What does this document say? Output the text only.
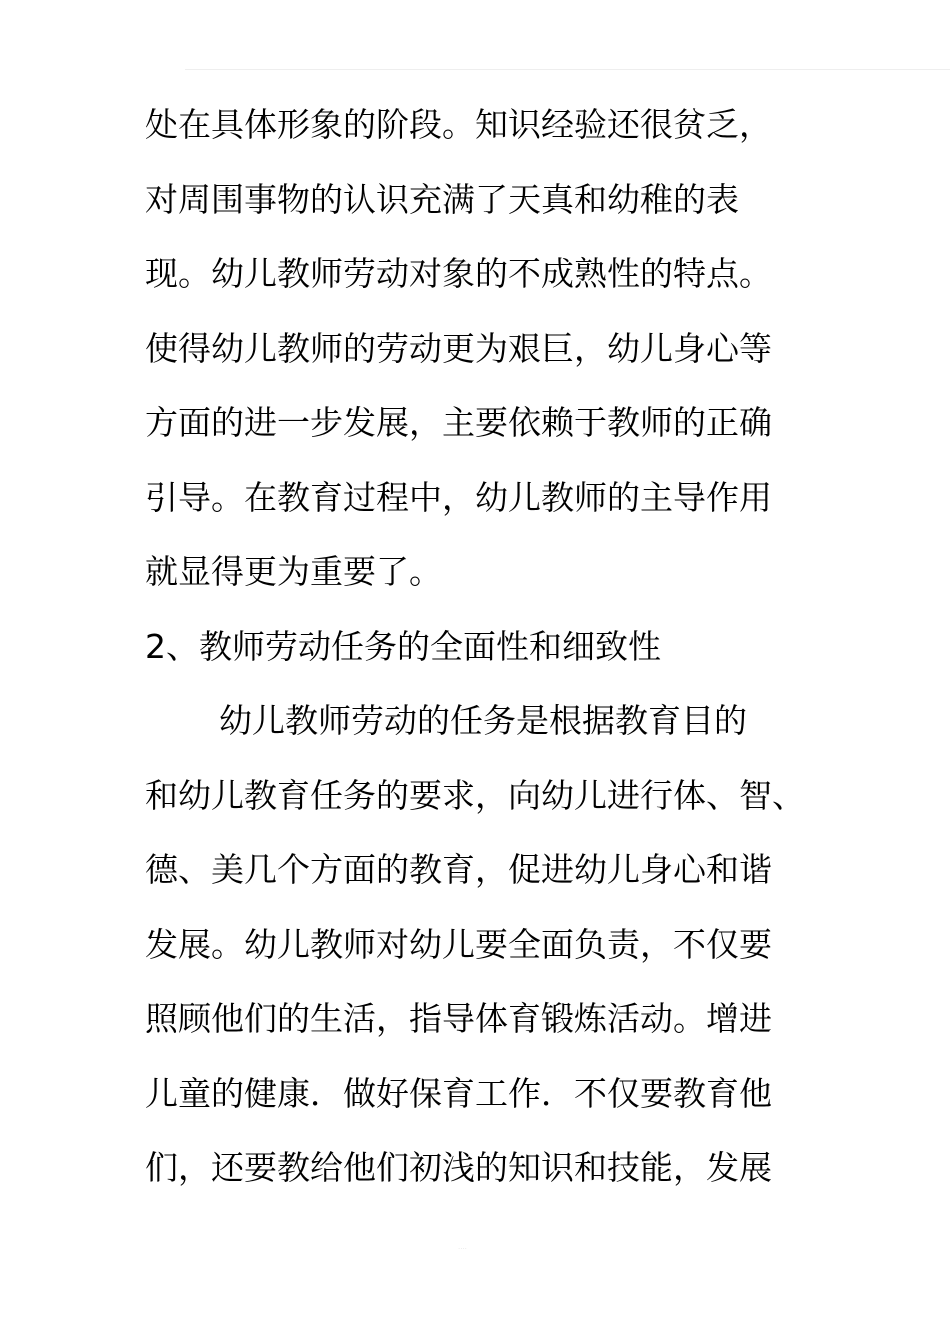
处在具体形象的阶段。知识经验还很贫乏，
对周围事物的认识充满了天真和幼稚的表
现。幼儿教师劳动对象的不成熟性的特点。
使得幼儿教师的劳动更为艰巨，幼儿身心等
方面的进一步发展，主要依赖于教师的正确
引导。在教育过程中，幼儿教师的主导作用
就显得更为重要了。
2、教师劳动任务的全面性和细致性
幼儿教师劳动的任务是根据教育目的
和幼儿教育任务的要求，向幼儿进行体、智、
德、美几个方面的教育，促进幼儿身心和谐
发展。幼儿教师对幼儿要全面负责，不仅要
照顾他们的生活，指导体育锻炼活动。增进
儿童的健康．做好保育工作．不仅要教育他
们，还要教给他们初浅的知识和技能，发展
····
